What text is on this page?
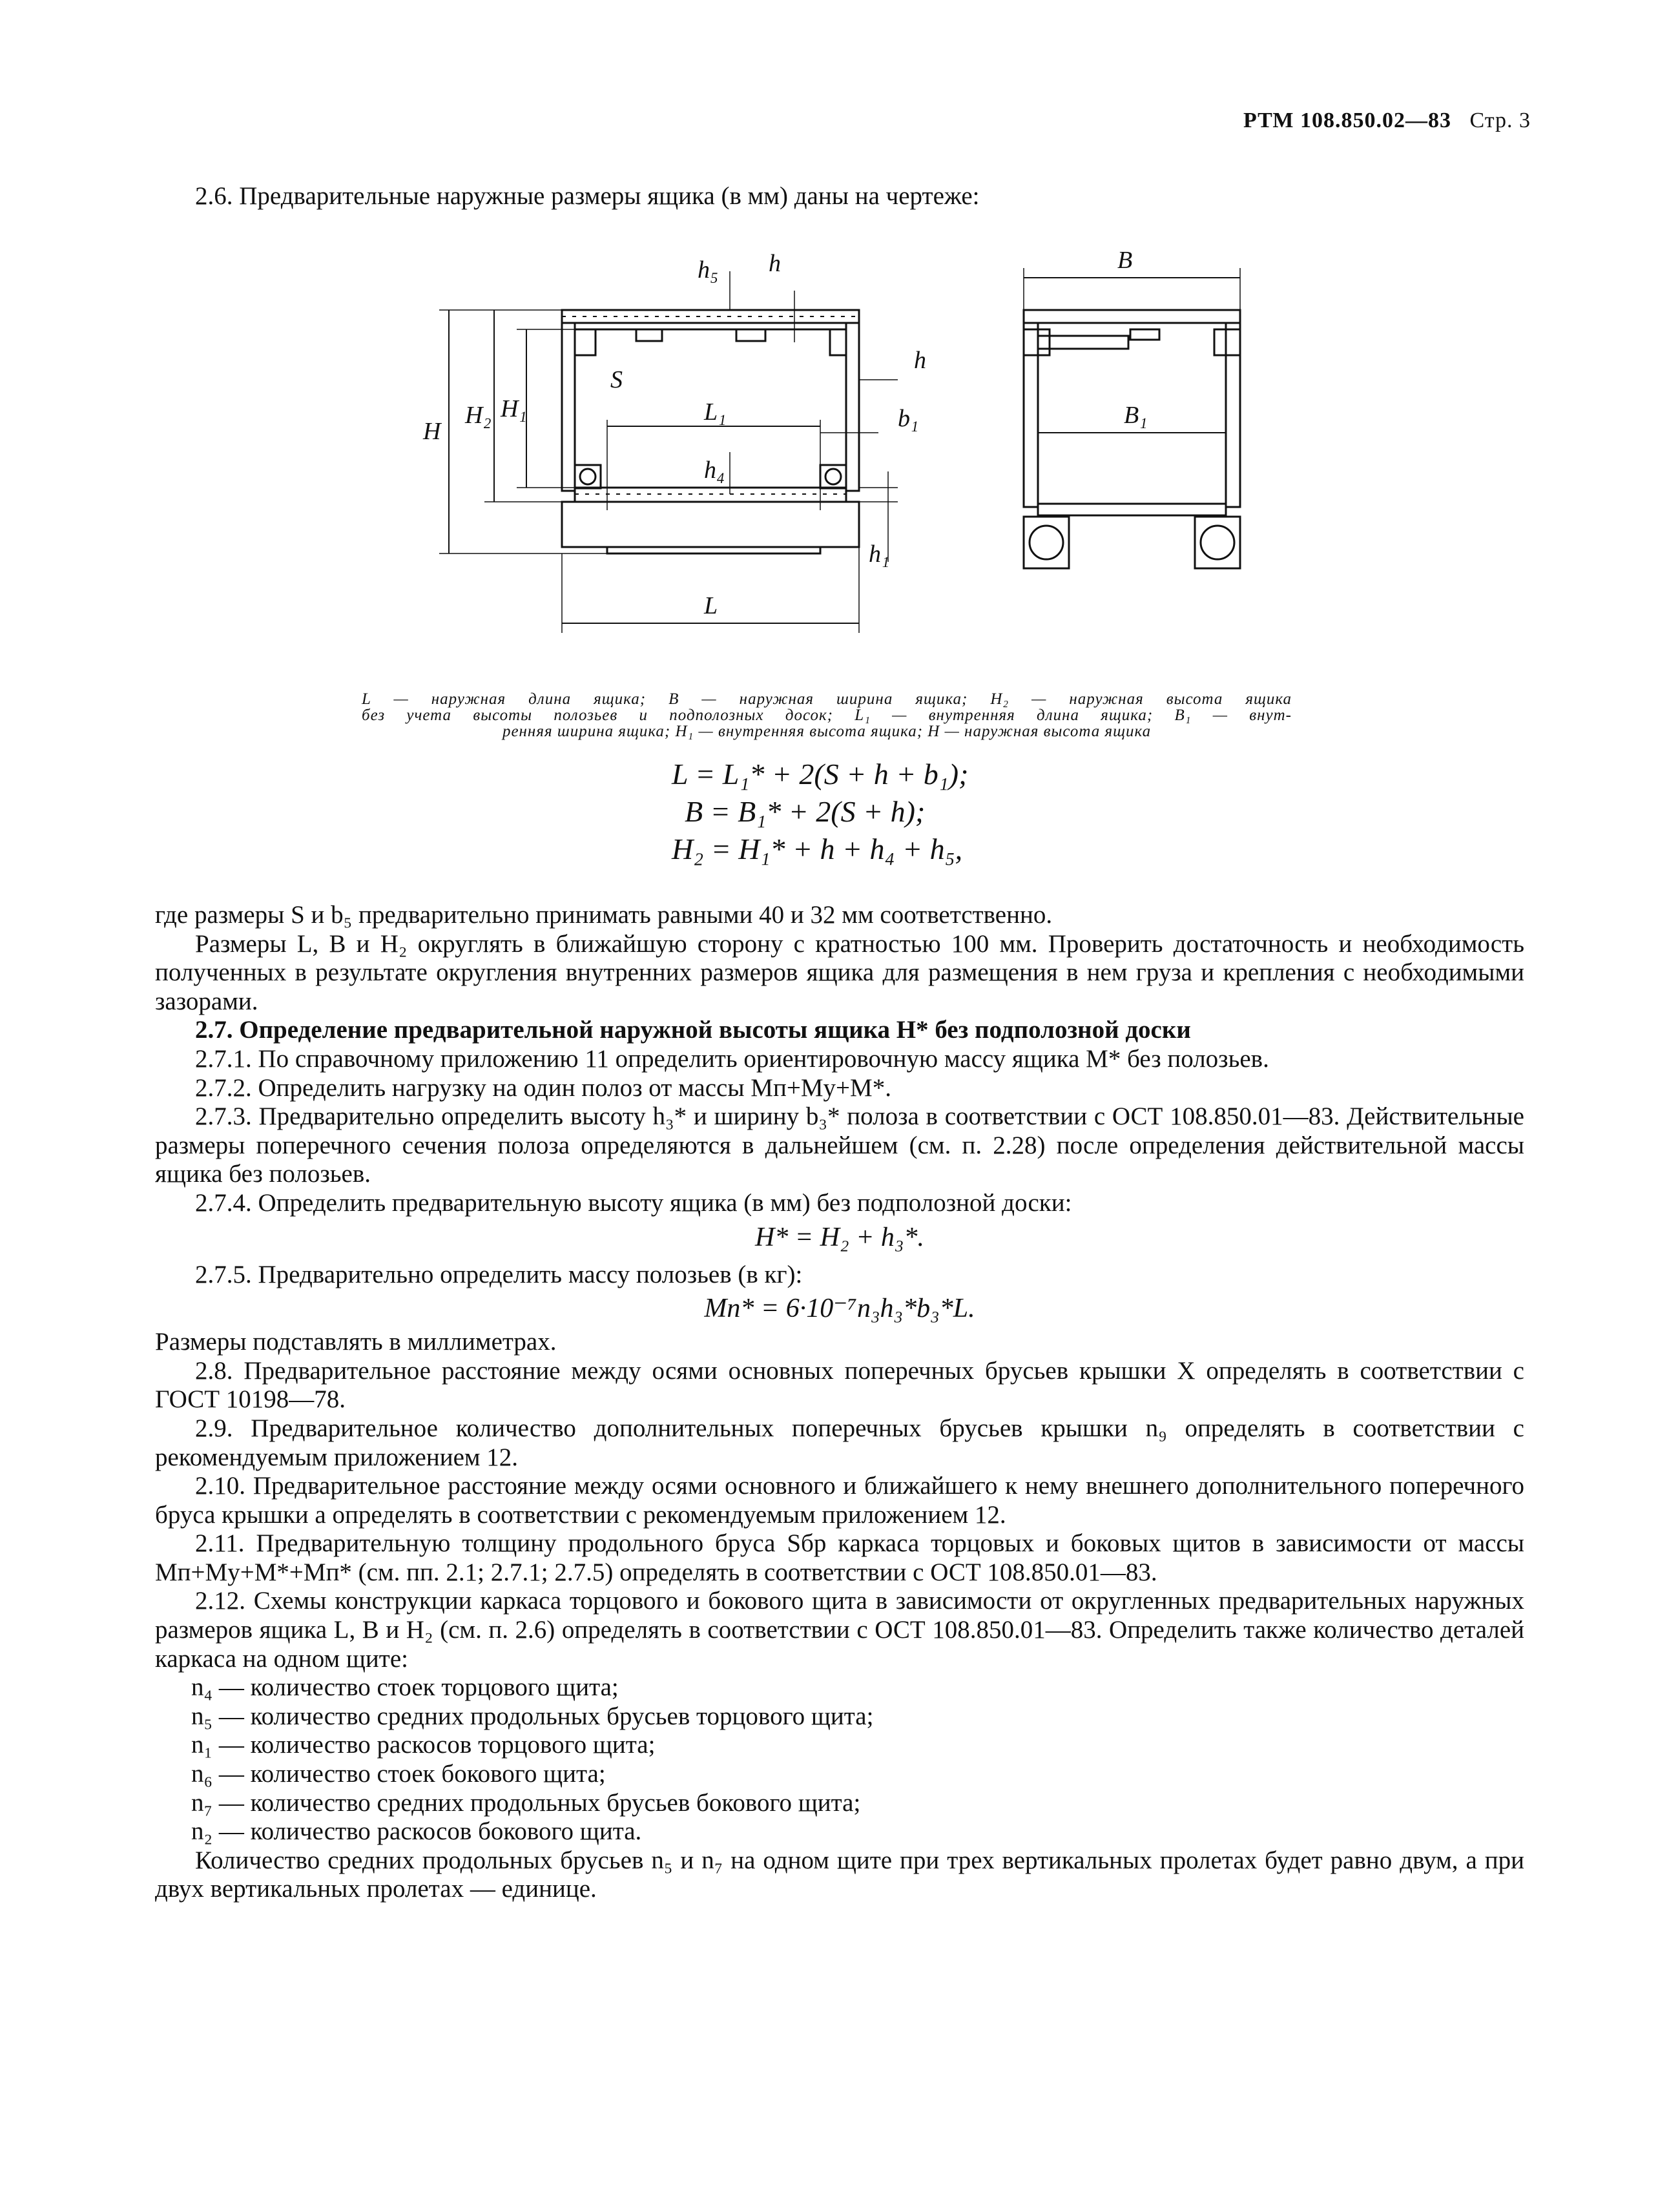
РТМ 108.850.02—83 Стр. 3

2.6. Предварительные наружные размеры ящика (в мм) даны на чертеже:

H
H₂ H₁
h₅ h
S
L₁
h
b₁
h₄
h₁
L
B
B₁
L — наружная длина ящика; B — наружная ширина ящика; H₂ — наружная высота ящика
без учета высоты полозьев и подполозных досок; L₁ — внутренняя длина ящика; B₁ — внут-
ренняя ширина ящика; H₁ — внутренняя высота ящика; H — наружная высота ящика
L = L₁* + 2(S + h + b₁);
B = B₁* + 2(S + h);
H₂ = H₁* + h + h₄ + h₅,

где размеры S и b₅ предварительно принимать равными 40 и 32 мм соответственно.

Размеры L, B и H₂ округлять в ближайшую сторону с кратностью 100 мм. Проверить достаточность и необходимость полученных в результате округления внутренних размеров ящика для размещения в нем груза и крепления с необходимыми зазорами.

2.7. Определение предварительной наружной высоты ящика H* без подполозной доски

2.7.1. По справочному приложению 11 определить ориентировочную массу ящика M* без полозьев.

2.7.2. Определить нагрузку на один полоз от массы Mп+Mу+M*.

2.7.3. Предварительно определить высоту h₃* и ширину b₃* полоза в соответствии с ОСТ 108.850.01—83. Действительные размеры поперечного сечения полоза определяются в дальнейшем (см. п. 2.28) после определения действительной массы ящика без полозьев.

2.7.4. Определить предварительную высоту ящика (в мм) без подполозной доски:

H* = H₂ + h₃*.

2.7.5. Предварительно определить массу полозьев (в кг):

Mп* = 6·10⁻⁷n₃h₃*b₃*L.

Размеры подставлять в миллиметрах.

2.8. Предварительное расстояние между осями основных поперечных брусьев крышки X определять в соответствии с ГОСТ 10198—78.

2.9. Предварительное количество дополнительных поперечных брусьев крышки n₉ определять в соответствии с рекомендуемым приложением 12.

2.10. Предварительное расстояние между осями основного и ближайшего к нему внешнего дополнительного поперечного бруса крышки a определять в соответствии с рекомендуемым приложением 12.

2.11. Предварительную толщину продольного бруса Sбр каркаса торцовых и боковых щитов в зависимости от массы Mп+Mу+M*+Mп* (см. пп. 2.1; 2.7.1; 2.7.5) определять в соответствии с ОСТ 108.850.01—83.

2.12. Схемы конструкции каркаса торцового и бокового щита в зависимости от округленных предварительных наружных размеров ящика L, B и H₂ (см. п. 2.6) определять в соответствии с ОСТ 108.850.01—83. Определить также количество деталей каркаса на одном щите:

n₄ — количество стоек торцового щита;

n₅ — количество средних продольных брусьев торцового щита;

n₁ — количество раскосов торцового щита;

n₆ — количество стоек бокового щита;

n₇ — количество средних продольных брусьев бокового щита;

n₂ — количество раскосов бокового щита.

Количество средних продольных брусьев n₅ и n₇ на одном щите при трех вертикальных пролетах будет равно двум, а при двух вертикальных пролетах — единице.
